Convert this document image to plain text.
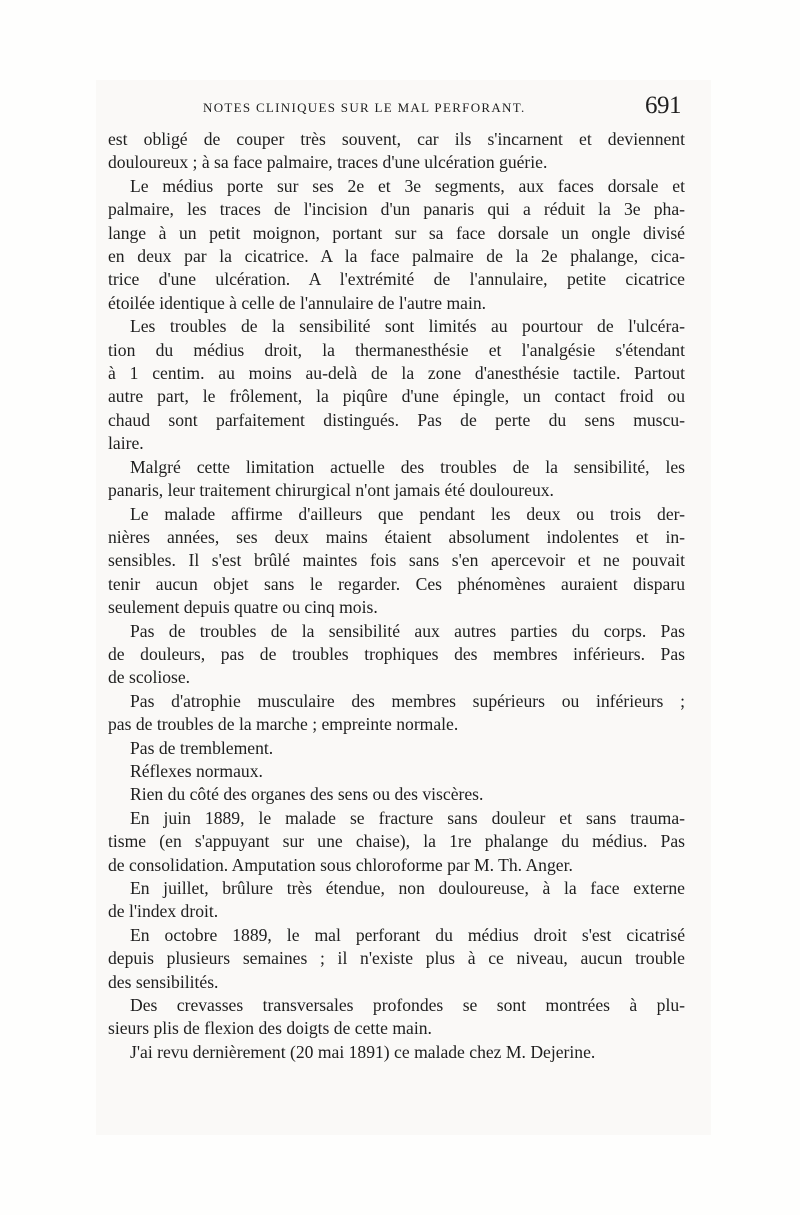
NOTES CLINIQUES SUR LE MAL PERFORANT.	691
est obligé de couper très souvent, car ils s'incarnent et deviennent
douloureux ; à sa face palmaire, traces d'une ulcération guérie.
Le médius porte sur ses 2e et 3e segments, aux faces dorsale et
palmaire, les traces de l'incision d'un panaris qui a réduit la 3e pha-
lange à un petit moignon, portant sur sa face dorsale un ongle divisé
en deux par la cicatrice. A la face palmaire de la 2e phalange, cica-
trice d'une ulcération. A l'extrémité de l'annulaire, petite cicatrice
étoilée identique à celle de l'annulaire de l'autre main.
Les troubles de la sensibilité sont limités au pourtour de l'ulcéra-
tion du médius droit, la thermanesthésie et l'analgésie s'étendant
à 1 centim. au moins au-delà de la zone d'anesthésie tactile. Partout
autre part, le frôlement, la piqûre d'une épingle, un contact froid ou
chaud sont parfaitement distingués. Pas de perte du sens muscu-
laire.
Malgré cette limitation actuelle des troubles de la sensibilité, les
panaris, leur traitement chirurgical n'ont jamais été douloureux.
Le malade affirme d'ailleurs que pendant les deux ou trois der-
nières années, ses deux mains étaient absolument indolentes et in-
sensibles. Il s'est brûlé maintes fois sans s'en apercevoir et ne pouvait
tenir aucun objet sans le regarder. Ces phénomènes auraient disparu
seulement depuis quatre ou cinq mois.
Pas de troubles de la sensibilité aux autres parties du corps. Pas
de douleurs, pas de troubles trophiques des membres inférieurs. Pas
de scoliose.
Pas d'atrophie musculaire des membres supérieurs ou inférieurs ;
pas de troubles de la marche ; empreinte normale.
Pas de tremblement.
Réflexes normaux.
Rien du côté des organes des sens ou des viscères.
En juin 1889, le malade se fracture sans douleur et sans trauma-
tisme (en s'appuyant sur une chaise), la 1re phalange du médius. Pas
de consolidation. Amputation sous chloroforme par M. Th. Anger.
En juillet, brûlure très étendue, non douloureuse, à la face externe
de l'index droit.
En octobre 1889, le mal perforant du médius droit s'est cicatrisé
depuis plusieurs semaines ; il n'existe plus à ce niveau, aucun trouble
des sensibilités.
Des crevasses transversales profondes se sont montrées à plu-
sieurs plis de flexion des doigts de cette main.
J'ai revu dernièrement (20 mai 1891) ce malade chez M. Dejerine.
